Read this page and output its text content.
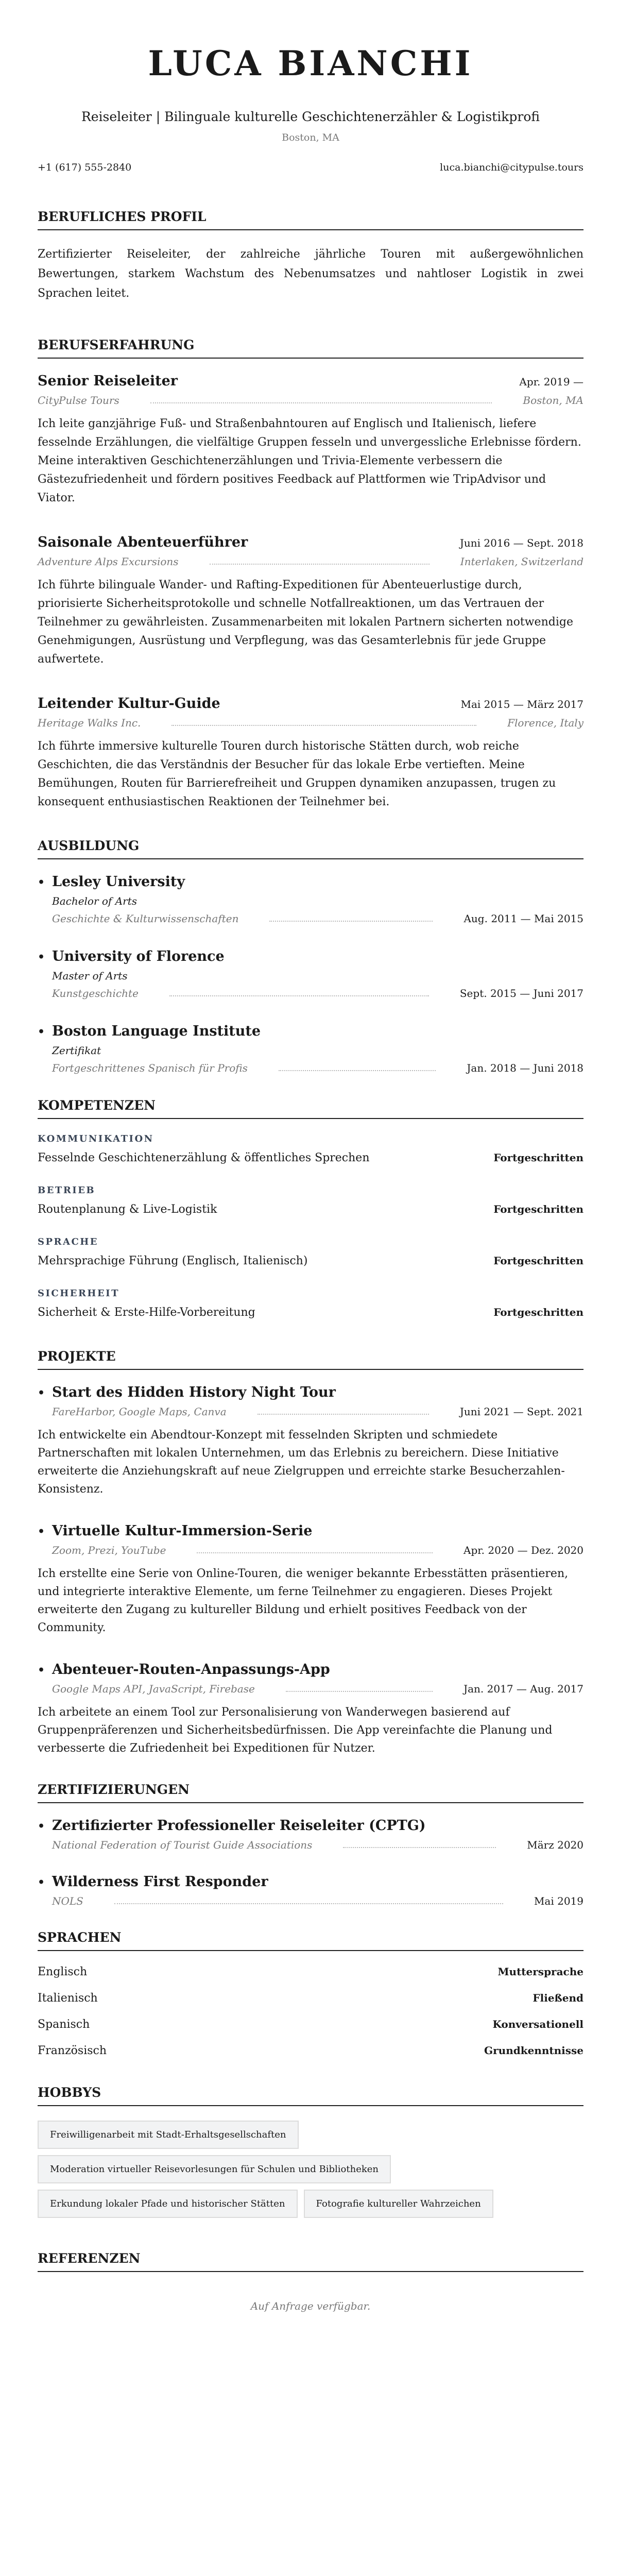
LUCA BIANCHI
Reiseleiter | Bilinguale kulturelle Geschichtenerzähler & Logistikprofi
Boston, MA
+1 (617) 555-2840	luca.bianchi@citypulse.tours
BERUFLICHES PROFIL

Zertifizierter Reiseleiter, der zahlreiche jährliche Touren mit außergewöhnlichen Bewertungen, starkem Wachstum des Nebenumsatzes und nahtloser Logistik in zwei Sprachen leitet.

BERUFSERFAHRUNG
Senior Reiseleiter	Apr. 2019 —
CityPulse Tours	Boston, MA
Ich leite ganzjährige Fuß- und Straßenbahntouren auf Englisch und Italienisch, liefere fesselnde Erzählungen, die vielfältige Gruppen fesseln und unvergessliche Erlebnisse fördern. Meine interaktiven Geschichtenerzählungen und Trivia-Elemente verbessern die Gästezufriedenheit und fördern positives Feedback auf Plattformen wie TripAdvisor und Viator.
Saisonale Abenteuerführer	Juni 2016 — Sept. 2018
Adventure Alps Excursions	Interlaken, Switzerland
Ich führte bilinguale Wander- und Rafting-Expeditionen für Abenteuerlustige durch, priorisierte Sicherheitsprotokolle und schnelle Notfallreaktionen, um das Vertrauen der Teilnehmer zu gewährleisten. Zusammenarbeiten mit lokalen Partnern sicherten notwendige Genehmigungen, Ausrüstung und Verpflegung, was das Gesamterlebnis für jede Gruppe aufwertete.
Leitender Kultur-Guide	Mai 2015 — März 2017
Heritage Walks Inc.	Florence, Italy
Ich führte immersive kulturelle Touren durch historische Stätten durch, wob reiche Geschichten, die das Verständnis der Besucher für das lokale Erbe vertieften. Meine Bemühungen, Routen für Barrierefreiheit und Gruppen dynamiken anzupassen, trugen zu konsequent enthusiastischen Reaktionen der Teilnehmer bei.
AUSBILDUNG
• Lesley University
Bachelor of Arts
Geschichte & Kulturwissenschaften	Aug. 2011 — Mai 2015
• University of Florence
Master of Arts
Kunstgeschichte	Sept. 2015 — Juni 2017
• Boston Language Institute
Zertifikat
Fortgeschrittenes Spanisch für Profis	Jan. 2018 — Juni 2018
KOMPETENZEN
KOMMUNIKATION
Fesselnde Geschichtenerzählung & öffentliches Sprechen	Fortgeschritten
BETRIEB
Routenplanung & Live-Logistik	Fortgeschritten
SPRACHE
Mehrsprachige Führung (Englisch, Italienisch)	Fortgeschritten
SICHERHEIT
Sicherheit & Erste-Hilfe-Vorbereitung	Fortgeschritten
PROJEKTE
• Start des Hidden History Night Tour
FareHarbor, Google Maps, Canva	Juni 2021 — Sept. 2021
Ich entwickelte ein Abendtour-Konzept mit fesselnden Skripten und schmiedete Partnerschaften mit lokalen Unternehmen, um das Erlebnis zu bereichern. Diese Initiative erweiterte die Anziehungskraft auf neue Zielgruppen und erreichte starke Besucherzahlen-Konsistenz.
• Virtuelle Kultur-Immersion-Serie
Zoom, Prezi, YouTube	Apr. 2020 — Dez. 2020
Ich erstellte eine Serie von Online-Touren, die weniger bekannte Erbesstätten präsentieren, und integrierte interaktive Elemente, um ferne Teilnehmer zu engagieren. Dieses Projekt erweiterte den Zugang zu kultureller Bildung und erhielt positives Feedback von der Community.
• Abenteuer-Routen-Anpassungs-App
Google Maps API, JavaScript, Firebase	Jan. 2017 — Aug. 2017
Ich arbeitete an einem Tool zur Personalisierung von Wanderwegen basierend auf Gruppenpräferenzen und Sicherheitsbedürfnissen. Die App vereinfachte die Planung und verbesserte die Zufriedenheit bei Expeditionen für Nutzer.
ZERTIFIZIERUNGEN
• Zertifizierter Professioneller Reiseleiter (CPTG)
National Federation of Tourist Guide Associations	März 2020
• Wilderness First Responder
NOLS	Mai 2019
SPRACHEN
Englisch	Muttersprache
Italienisch	Fließend
Spanisch	Konversationell
Französisch	Grundkenntnisse
HOBBYS
Freiwilligenarbeit mit Stadt-Erhaltsgesellschaften
Moderation virtueller Reisevorlesungen für Schulen und Bibliotheken
Erkundung lokaler Pfade und historischer Stätten	Fotografie kultureller Wahrzeichen
REFERENZEN
Auf Anfrage verfügbar.
